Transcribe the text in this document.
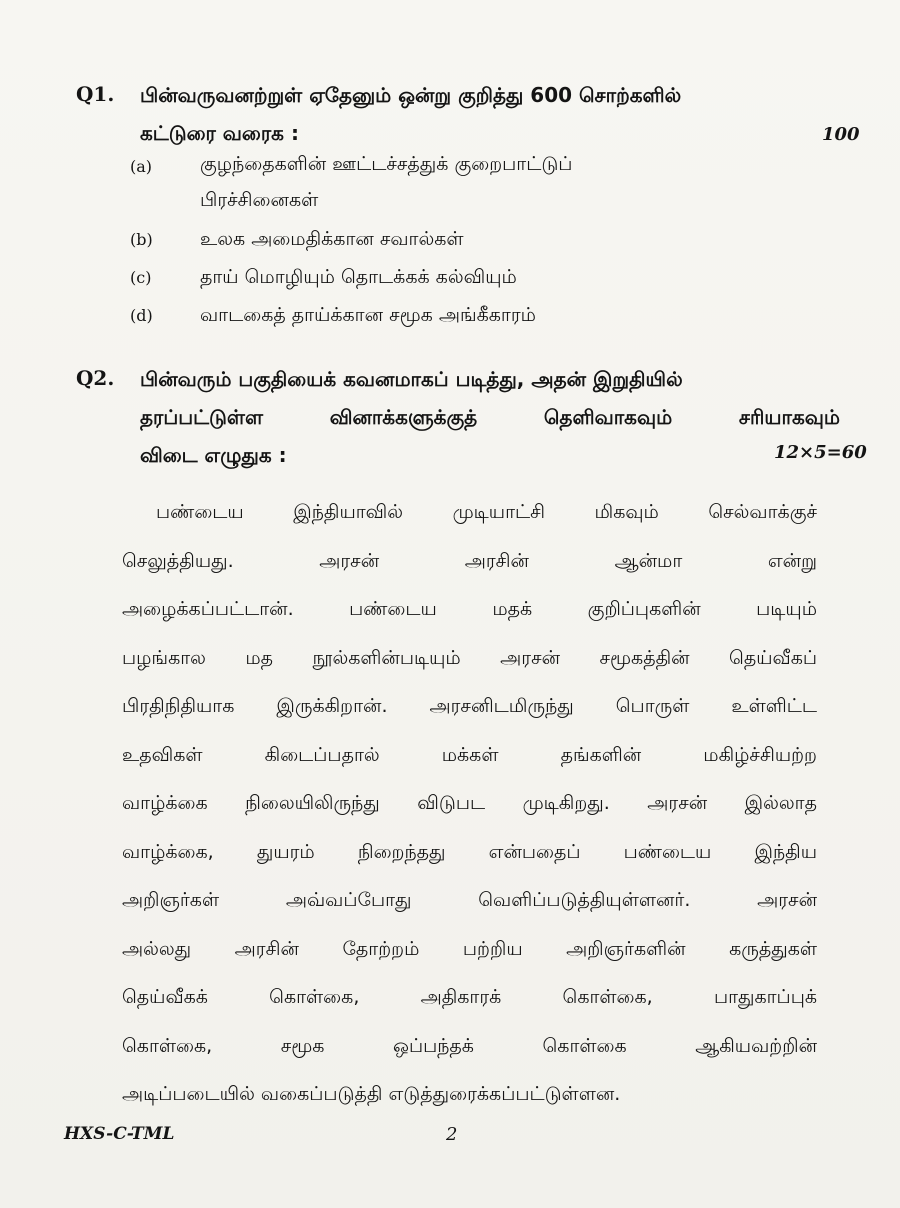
Q1. பின்வருவனற்றுள் ஏதேனும் ஒன்று குறித்து 600 சொற்களில்
கட்டுரை வரைக :	100
(a)	குழந்தைகளின் ஊட்டச்சத்துக் குறைபாட்டுப்
பிரச்சினைகள்
(b) உலக அமைதிக்கான சவால்கள்
(c)	தாய் மொழியும் தொடக்கக் கல்வியும்
(d) வாடகைத் தாய்க்கான சமூக அங்கீகாரம்
Q2. பின்வரும் பகுதியைக் கவனமாகப் படித்து, அதன் இறுதியில்
தரப்பட்டுள்ள வினாக்களுக்குத் தெளிவாகவும் சரியாகவும்
விடை எழுதுக :	12×5=60
பண்டைய இந்தியாவில் முடியாட்சி மிகவும் செல்வாக்குச்
செலுத்தியது. அரசன் அரசின் ஆன்மா என்று
அழைக்கப்பட்டான். பண்டைய மதக் குறிப்புகளின் படியும்
பழங்கால மத நூல்களின்படியும் அரசன் சமூகத்தின் தெய்வீகப்
பிரதிநிதியாக இருக்கிறான். அரசனிடமிருந்து பொருள் உள்ளிட்ட
உதவிகள் கிடைப்பதால் மக்கள் தங்களின் மகிழ்ச்சியற்ற
வாழ்க்கை நிலையிலிருந்து விடுபட முடிகிறது. அரசன் இல்லாத
வாழ்க்கை, துயரம் நிறைந்தது என்பதைப் பண்டைய இந்திய
அறிஞர்கள் அவ்வப்போது வெளிப்படுத்தியுள்ளனர். அரசன்
அல்லது அரசின் தோற்றம் பற்றிய அறிஞர்களின் கருத்துகள்
தெய்வீகக் கொள்கை, அதிகாரக் கொள்கை, பாதுகாப்புக்
கொள்கை, சமூக ஒப்பந்தக் கொள்கை ஆகியவற்றின்
அடிப்படையில் வகைப்படுத்தி எடுத்துரைக்கப்பட்டுள்ளன.
HXS-C-TML	2
